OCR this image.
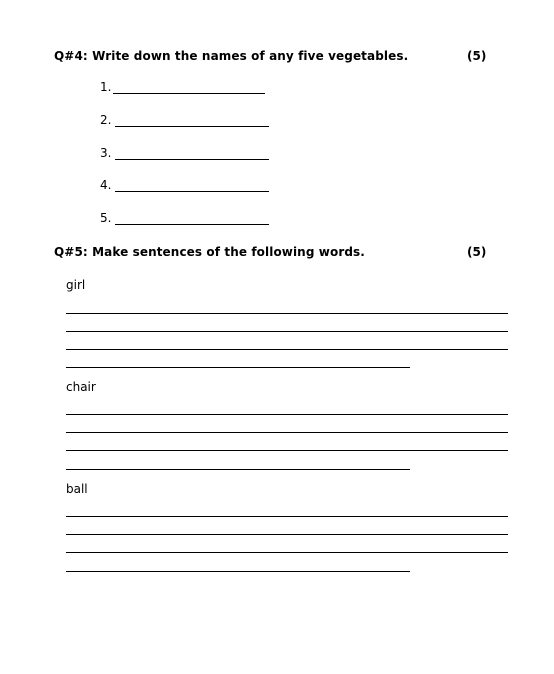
Q#4: Write down the names of any five vegetables.	(5)
1.
2.
3.
4.
5.
Q#5: Make sentences of the following words.	(5)
girl
chair
ball
